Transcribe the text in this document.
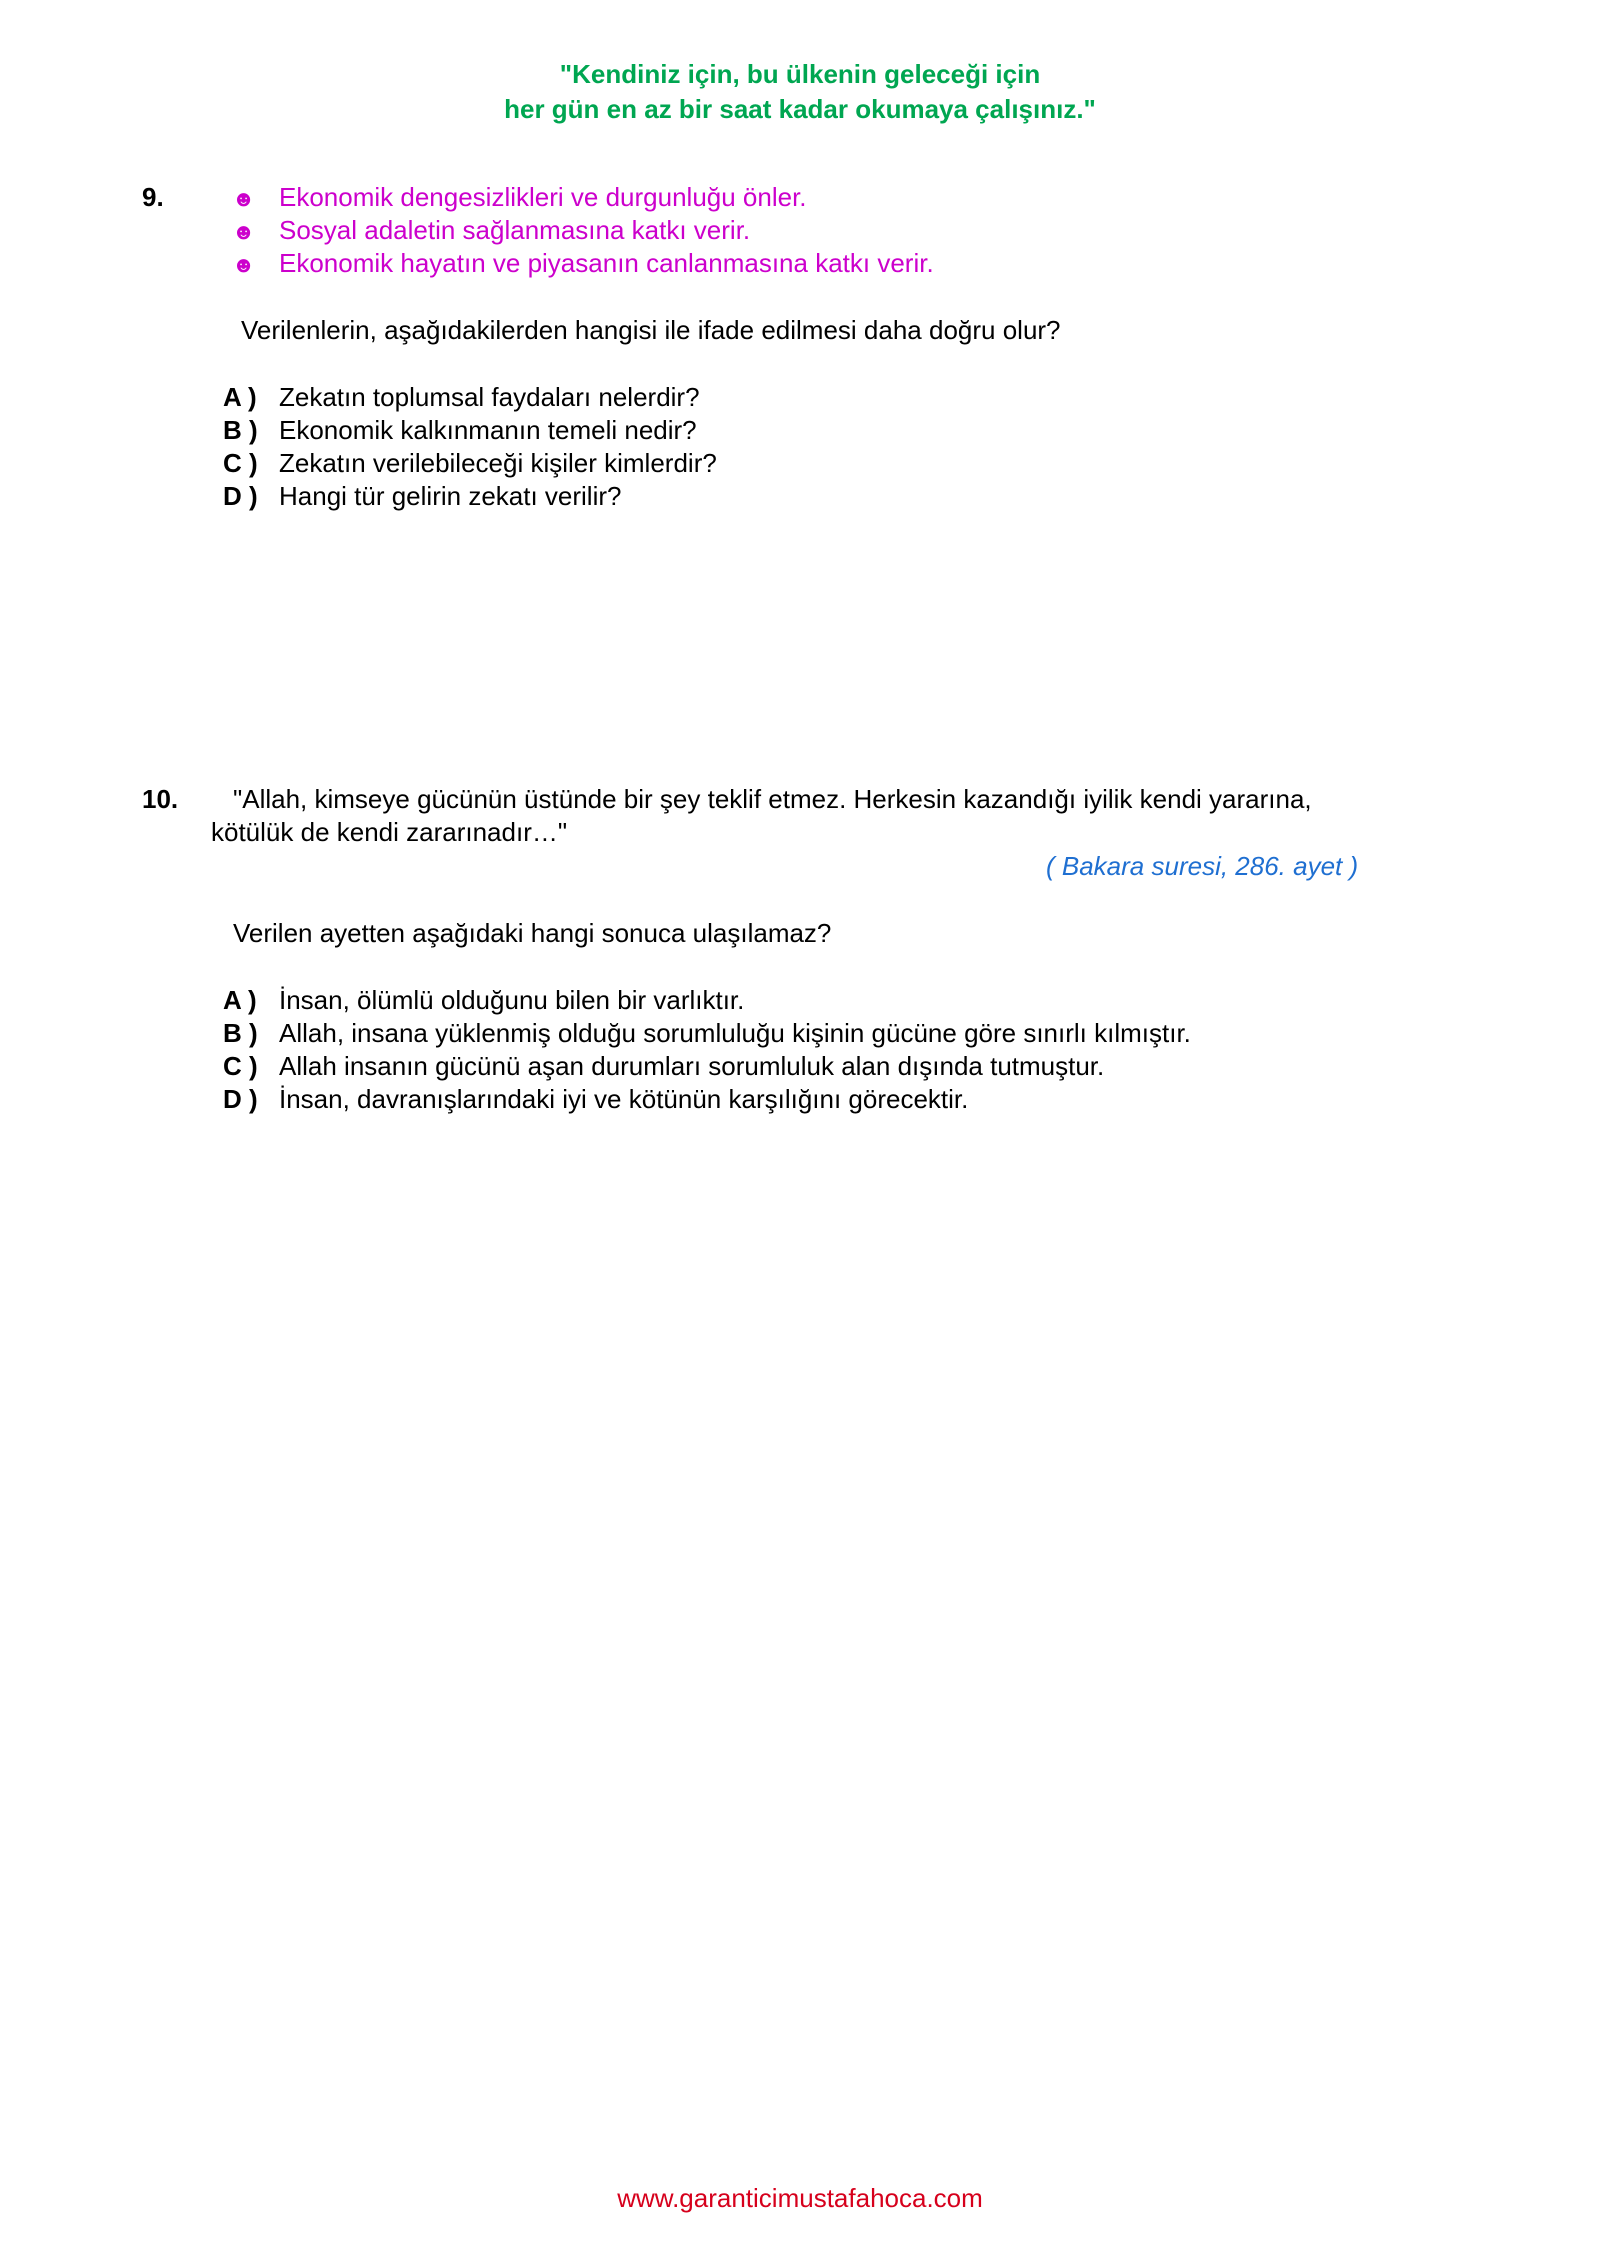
"Kendiniz için, bu ülkenin geleceği için
her gün en az bir saat kadar okumaya çalışınız."
9.	☻ Ekonomik dengesizlikleri ve durgunluğu önler.
☻ Sosyal adaletin sağlanmasına katkı verir.
☻ Ekonomik hayatın ve piyasanın canlanmasına katkı verir.
Verilenlerin, aşağıdakilerden hangisi ile ifade edilmesi daha doğru olur?
A ) Zekatın toplumsal faydaları nelerdir?
B ) Ekonomik kalkınmanın temeli nedir?
C ) Zekatın verilebileceği kişiler kimlerdir?
D ) Hangi tür gelirin zekatı verilir?
10. "Allah, kimseye gücünün üstünde bir şey teklif etmez. Herkesin kazandığı iyilik kendi yararına,
kötülük de kendi zararınadır…"
( Bakara suresi, 286. ayet )
Verilen ayetten aşağıdaki hangi sonuca ulaşılamaz?
A ) İnsan, ölümlü olduğunu bilen bir varlıktır.
B ) Allah, insana yüklenmiş olduğu sorumluluğu kişinin gücüne göre sınırlı kılmıştır.
C ) Allah insanın gücünü aşan durumları sorumluluk alan dışında tutmuştur.
D ) İnsan, davranışlarındaki iyi ve kötünün karşılığını görecektir.
www.garanticimustafahoca.com
